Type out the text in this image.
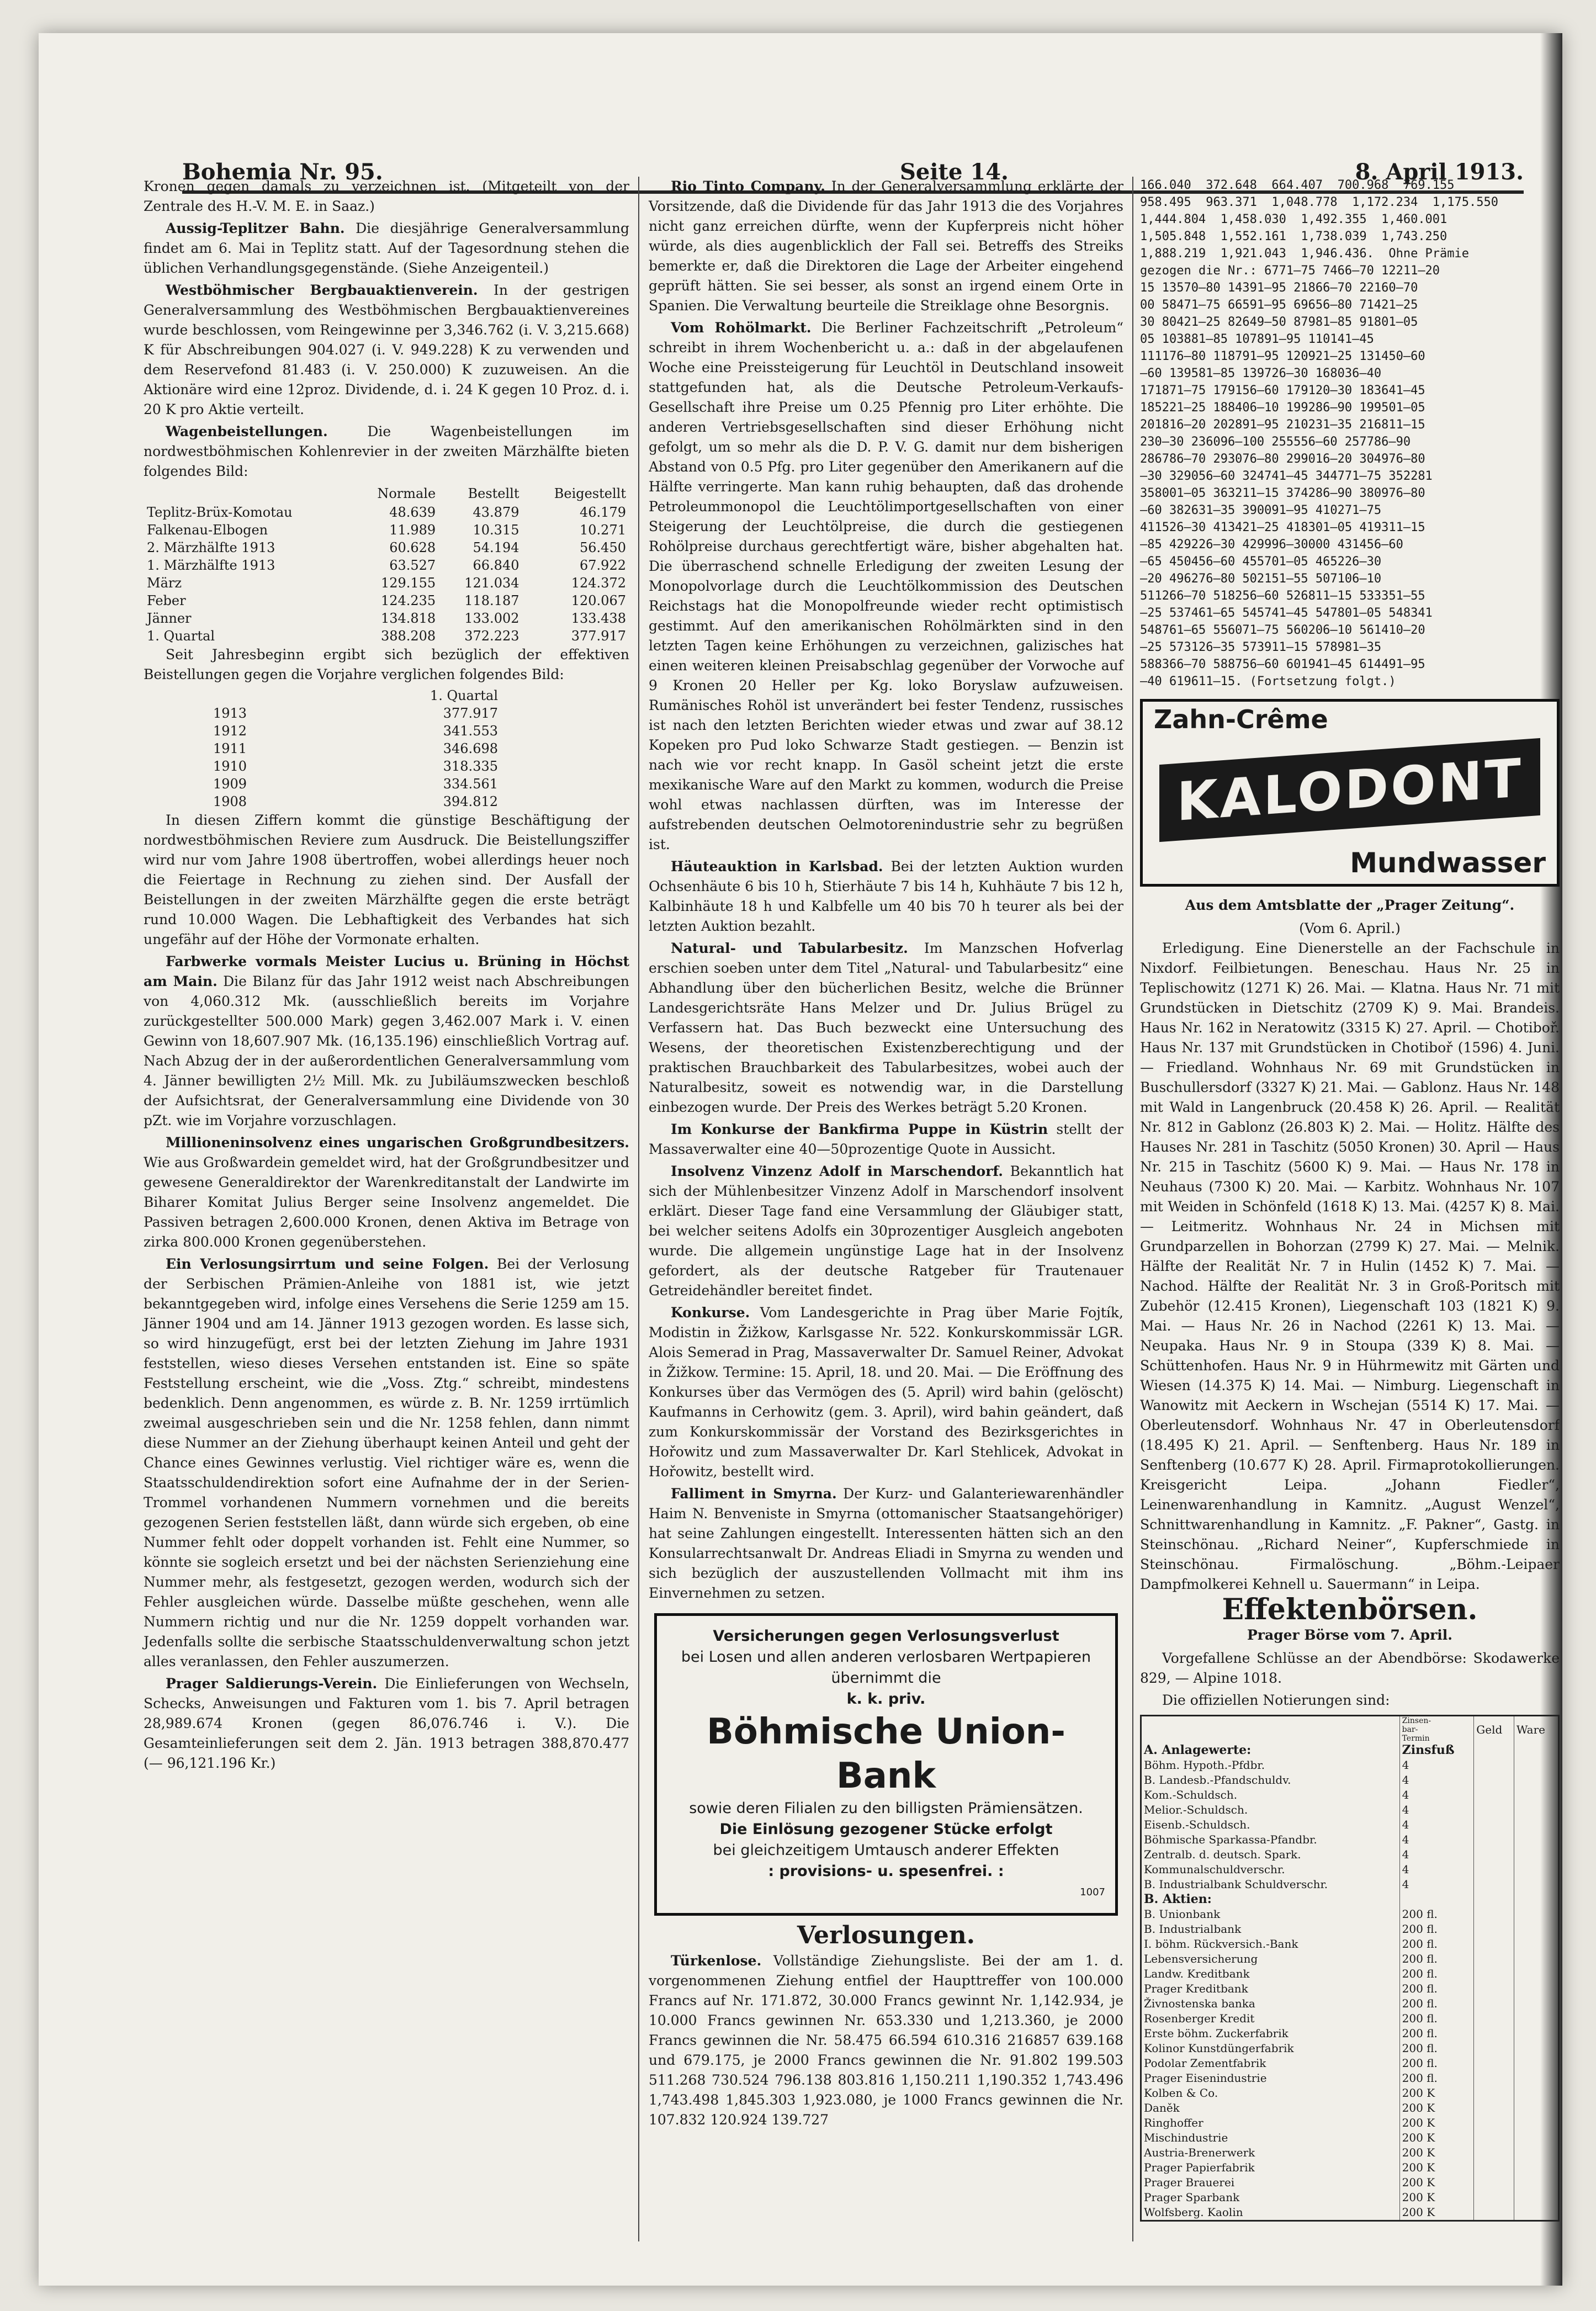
Bohemia Nr. 95.	Seite 14.	8. April 1913.

Kronen gegen damals zu verzeichnen ist. (Mitgeteilt von der Zentrale des H.-V. M. E. in Saaz.)

Aussig-Teplitzer Bahn. Die diesjährige Generalversammlung findet am 6. Mai in Teplitz statt. Auf der Tagesordnung stehen die üblichen Verhandlungsgegenstände. (Siehe Anzeigenteil.)

Westböhmischer Bergbauaktienverein. In der gestrigen Generalversammlung des Westböhmischen Bergbauaktienvereines wurde beschlossen, vom Reingewinne per 3,346.762 (i. V. 3,215.668) K für Abschreibungen 904.027 (i. V. 949.228) K zu verwenden und dem Reservefond 81.483 (i. V. 250.000) K zuzuweisen. An die Aktionäre wird eine 12proz. Dividende, d. i. 24 K gegen 10 Proz. d. i. 20 K pro Aktie verteilt.

Wagenbeistellungen.	Die Wagenbeistellungen im nordwestböhmischen Kohlenrevier in der zweiten Märzhälfte bieten folgendes Bild:

	Normale	Bestellt	Beigestellt
Teplitz-Brüx-Komotau	48.639	43.879	46.179
Falkenau-Elbogen	11.989	10.315	10.271
2. Märzhälfte 1913	60.628	54.194	56.450
1. Märzhälfte 1913	63.527	66.840	67.922
März	129.155	121.034	124.372
Feber	124.235	118.187	120.067
Jänner	134.818	133.002	133.438
1. Quartal	388.208	372.223	377.917

Seit Jahresbeginn ergibt sich bezüglich der effektiven Beistellungen gegen die Vorjahre verglichen folgendes Bild:

	1. Quartal
1913	377.917
1912	341.553
1911	346.698
1910	318.335
1909	334.561
1908	394.812

In diesen Ziffern kommt die günstige Beschäftigung der nordwestböhmischen Reviere zum Ausdruck. Die Beistellungsziffer wird nur vom Jahre 1908 übertroffen, wobei allerdings heuer noch die Feiertage in Rechnung zu ziehen sind. Der Ausfall der Beistellungen in der zweiten Märzhälfte gegen die erste beträgt rund 10.000 Wagen. Die Lebhaftigkeit des Verbandes hat sich ungefähr auf der Höhe der Vormonate erhalten.

Farbwerke vormals Meister Lucius u. Brüning in Höchst am Main. Die Bilanz für das Jahr 1912 weist nach Abschreibungen von 4,060.312 Mk. (ausschließlich bereits im Vorjahre zurückgestellter 500.000 Mark) gegen 3,462.007 Mark i. V. einen Gewinn von 18,607.907 Mk. (16,135.196) einschließlich Vortrag auf. Nach Abzug der in der außerordentlichen Generalversammlung vom 4. Jänner bewilligten 2½ Mill. Mk. zu Jubiläumszwecken beschloß der Aufsichtsrat, der Generalversammlung eine Dividende von 30 pZt. wie im Vorjahre vorzuschlagen.

Millioneninsolvenz eines ungarischen Großgrundbesitzers. Wie aus Großwardein gemeldet wird, hat der Großgrundbesitzer und gewesene Generaldirektor der Warenkreditanstalt der Landwirte im Biharer Komitat Julius Berger seine Insolvenz angemeldet. Die Passiven betragen 2,600.000 Kronen, denen Aktiva im Betrage von zirka 800.000 Kronen gegenüberstehen.

Ein Verlosungsirrtum und seine Folgen. Bei der Verlosung der Serbischen Prämien-Anleihe von 1881 ist, wie jetzt bekanntgegeben wird, infolge eines Versehens die Serie 1259 am 15. Jänner 1904 und am 14. Jänner 1913 gezogen worden. Es lasse sich, so wird hinzugefügt, erst bei der letzten Ziehung im Jahre 1931 feststellen, wieso dieses Versehen entstanden ist. Eine so späte Feststellung erscheint, wie die „Voss. Ztg.“ schreibt, mindestens bedenklich. Denn angenommen, es würde z. B. Nr. 1259 irrtümlich zweimal ausgeschrieben sein und die Nr. 1258 fehlen, dann nimmt diese Nummer an der Ziehung überhaupt keinen Anteil und geht der Chance eines Gewinnes verlustig. Viel richtiger wäre es, wenn die Staatsschuldendirektion sofort eine Aufnahme der in der Serien-Trommel vorhandenen Nummern vornehmen und die bereits gezogenen Serien feststellen läßt, dann würde sich ergeben, ob eine Nummer fehlt oder doppelt vorhanden ist. Fehlt eine Nummer, so könnte sie sogleich ersetzt und bei der nächsten Serienziehung eine Nummer mehr, als festgesetzt, gezogen werden, wodurch sich der Fehler ausgleichen würde. Dasselbe müßte geschehen, wenn alle Nummern richtig und nur die Nr. 1259 doppelt vorhanden war. Jedenfalls sollte die serbische Staatsschuldenverwaltung schon jetzt alles veranlassen, den Fehler auszumerzen.

Prager Saldierungs-Verein. Die Einlieferungen von Wechseln, Schecks, Anweisungen und Fakturen vom 1. bis 7. April betragen 28,989.674 Kronen (gegen 86,076.746 i. V.). Die Gesamteinlieferungen seit dem 2. Jän. 1913 betragen 388,870.477 (— 96,121.196 Kr.)

Rio Tinto Company. In der Generalversammlung erklärte der Vorsitzende, daß die Dividende für das Jahr 1913 die des Vorjahres nicht ganz erreichen dürfte, wenn der Kupferpreis nicht höher würde, als dies augenblicklich der Fall sei. Betreffs des Streiks bemerkte er, daß die Direktoren die Lage der Arbeiter eingehend geprüft hätten. Sie sei besser, als sonst an irgend einem Orte in Spanien. Die Verwaltung beurteile die Streiklage ohne Besorgnis.

Vom Rohölmarkt. Die Berliner Fachzeitschrift „Petroleum“ schreibt in ihrem Wochenbericht u. a.: daß in der abgelaufenen Woche eine Preissteigerung für Leuchtöl in Deutschland insoweit stattgefunden hat, als die Deutsche Petroleum-Verkaufs-Gesellschaft ihre Preise um 0.25 Pfennig pro Liter erhöhte. Die anderen Vertriebsgesellschaften sind dieser Erhöhung nicht gefolgt, um so mehr als die D. P. V. G. damit nur dem bisherigen Abstand von 0.5 Pfg. pro Liter gegenüber den Amerikanern auf die Hälfte verringerte. Man kann ruhig behaupten, daß das drohende Petroleummonopol die Leuchtölimportgesellschaften von einer Steigerung der Leuchtölpreise, die durch die gestiegenen Rohölpreise durchaus gerechtfertigt wäre, bisher abgehalten hat. Die überraschend schnelle Erledigung der zweiten Lesung der Monopolvorlage durch die Leuchtölkommission des Deutschen Reichstags hat die Monopolfreunde wieder recht optimistisch gestimmt. Auf den amerikanischen Rohölmärkten sind in den letzten Tagen keine Erhöhungen zu verzeichnen, galizisches hat einen weiteren kleinen Preisabschlag gegenüber der Vorwoche auf 9 Kronen 20 Heller per Kg. loko Boryslaw aufzuweisen. Rumänisches Rohöl ist unverändert bei fester Tendenz, russisches ist nach den letzten Berichten wieder etwas und zwar auf 38.12 Kopeken pro Pud loko Schwarze Stadt gestiegen. — Benzin ist nach wie vor recht knapp. In Gasöl scheint jetzt die erste mexikanische Ware auf den Markt zu kommen, wodurch die Preise wohl etwas nachlassen dürften, was im Interesse der aufstrebenden deutschen Oelmotorenindustrie sehr zu begrüßen ist.

Häuteauktion in Karlsbad. Bei der letzten Auktion wurden Ochsenhäute 6 bis 10 h, Stierhäute 7 bis 14 h, Kuhhäute 7 bis 12 h, Kalbinhäute 18 h und Kalbfelle um 40 bis 70 h teurer als bei der letzten Auktion bezahlt.

Natural- und Tabularbesitz. Im Manzschen Hofverlag erschien soeben unter dem Titel „Natural- und Tabularbesitz“ eine Abhandlung über den bücherlichen Besitz, welche die Brünner Landesgerichtsräte Hans Melzer und Dr. Julius Brügel zu Verfassern hat. Das Buch bezweckt eine Untersuchung des Wesens, der theoretischen Existenzberechtigung und der praktischen Brauchbarkeit des Tabularbesitzes, wobei auch der Naturalbesitz, soweit es notwendig war, in die Darstellung einbezogen wurde. Der Preis des Werkes beträgt 5.20 Kronen.

Im Konkurse der Bankfirma Puppe in Küstrin stellt der Massaverwalter eine 40—50prozentige Quote in Aussicht.

Insolvenz Vinzenz Adolf in Marschendorf. Bekanntlich hat sich der Mühlenbesitzer Vinzenz Adolf in Marschendorf insolvent erklärt. Dieser Tage fand eine Versammlung der Gläubiger statt, bei welcher seitens Adolfs ein 30prozentiger Ausgleich angeboten wurde. Die allgemein ungünstige Lage hat in der Insolvenz gefordert, als der deutsche Ratgeber für Trautenauer Getreidehändler bereitet findet.

Konkurse. Vom Landesgerichte in Prag über Marie Fojtík, Modistin in Žižkow, Karlsgasse Nr. 522. Konkurskommissär LGR. Alois Semerad in Prag, Massaverwalter Dr. Samuel Reiner, Advokat in Žižkow. Termine: 15. April, 18. und 20. Mai. — Die Eröffnung des Konkurses über das Vermögen des (5. April) wird bahin (gelöscht) Kaufmanns in Cerhowitz (gem. 3. April), wird bahin geändert, daß zum Konkurskommissär der Vorstand des Bezirksgerichtes in Hořowitz und zum Massaverwalter Dr. Karl Stehlicek, Advokat in Hořowitz, bestellt wird.

Falliment in Smyrna. Der Kurz- und Galanteriewarenhändler Haim N. Benveniste in Smyrna (ottomanischer Staatsangehöriger) hat seine Zahlungen eingestellt. Interessenten hätten sich an den Konsularrechtsanwalt Dr. Andreas Eliadi in Smyrna zu wenden und sich bezüglich der auszustellenden Vollmacht mit ihm ins Einvernehmen zu setzen.

Versicherungen gegen Verlosungsverlust
bei Losen und allen anderen verlosbaren Wertpapieren übernimmt die
k. k. priv.
Böhmische Union-Bank
sowie deren Filialen zu den billigsten Prämiensätzen.
Die Einlösung gezogener Stücke erfolgt
bei gleichzeitigem Umtausch anderer Effekten
: provisions- u. spesenfrei. :
1007
Verlosungen.

Türkenlose. Vollständige Ziehungsliste. Bei der am 1. d. vorgenommenen Ziehung entfiel der Haupttreffer von 100.000 Francs auf Nr. 171.872, 30.000 Francs gewinnt Nr. 1,142.934, je 10.000 Francs gewinnen Nr. 653.330 und 1,213.360, je 2000 Francs gewinnen die Nr. 58.475 66.594 610.316 216857 639.168 und 679.175, je 2000 Francs gewinnen die Nr. 91.802 199.503 511.268 730.524 796.138 803.816 1,150.211 1,190.352 1,743.496 1,743.498 1,845.303 1,923.080, je 1000 Francs gewinnen die Nr. 107.832 120.924 139.727

166.040  372.648  664.407  700.968  769.155
958.495  963.371  1,048.778  1,172.234  1,175.550
1,444.804  1,458.030  1,492.355  1,460.001
1,505.848  1,552.161  1,738.039  1,743.250
1,888.219  1,921.043  1,946.436.  Ohne Prämie
gezogen die Nr.: 6771—75 7466—70 12211—20
15 13570—80 14391—95 21866—70 22160—70
00 58471—75 66591—95 69656—80 71421—25
30 80421—25 82649—50 87981—85 91801—05
05 103881—85 107891—95 110141—45
111176—80 118791—95 120921—25 131450—60
—60 139581—85 139726—30 168036—40
171871—75 179156—60 179120—30 183641—45
185221—25 188406—10 199286—90 199501—05
201816—20 202891—95 210231—35 216811—15
230—30 236096—100 255556—60 257786—90
286786—70 293076—80 299016—20 304976—80
—30 329056—60 324741—45 344771—75 352281
358001—05 363211—15 374286—90 380976—80
—60 382631—35 390091—95 410271—75
411526—30 413421—25 418301—05 419311—15
—85 429226—30 429996—30000 431456—60
—65 450456—60 455701—05 465226—30
—20 496276—80 502151—55 507106—10
511266—70 518256—60 526811—15 533351—55
—25 537461—65 545741—45 547801—05 548341
548761—65 556071—75 560206—10 561410—20
—25 573126—35 573911—15 578981—35
588366—70 588756—60 601941—45 614491—95
—40 619611—15. (Fortsetzung folgt.)
Zahn-Crême
KALODONT
Mundwasser
Aus dem Amtsblatte der „Prager Zeitung“.
(Vom 6. April.)

Erledigung. Eine Dienerstelle an der Fachschule in Nixdorf. Feilbietungen. Beneschau. Haus Nr. 25 in Teplischowitz (1271 K) 26. Mai. — Klatna. Haus Nr. 71 mit Grundstücken in Dietschitz (2709 K) 9. Mai. Brandeis. Haus Nr. 162 in Neratowitz (3315 K) 27. April. — Chotiboř. Haus Nr. 137 mit Grundstücken in Chotiboř (1596) 4. Juni. — Friedland. Wohnhaus Nr. 69 mit Grundstücken in Buschullersdorf (3327 K) 21. Mai. — Gablonz. Haus Nr. 148 mit Wald in Langenbruck (20.458 K) 26. April. — Realität Nr. 812 in Gablonz (26.803 K) 2. Mai. — Holitz. Hälfte des Hauses Nr. 281 in Taschitz (5050 Kronen) 30. April — Haus Nr. 215 in Taschitz (5600 K) 9. Mai. — Haus Nr. 178 in Neuhaus (7300 K) 20. Mai. — Karbitz. Wohnhaus Nr. 107 mit Weiden in Schönfeld (1618 K) 13. Mai. (4257 K) 8. Mai. — Leitmeritz. Wohnhaus Nr. 24 in Michsen mit Grundparzellen in Bohorzan (2799 K) 27. Mai. — Melnik. Hälfte der Realität Nr. 7 in Hulin (1452 K) 7. Mai. — Nachod. Hälfte der Realität Nr. 3 in Groß-Poritsch mit Zubehör (12.415 Kronen), Liegenschaft 103 (1821 K) 9. Mai. — Haus Nr. 26 in Nachod (2261 K) 13. Mai. — Neupaka. Haus Nr. 9 in Stoupa (339 K) 8. Mai. — Schüttenhofen. Haus Nr. 9 in Hührmewitz mit Gärten und Wiesen (14.375 K) 14. Mai. — Nimburg. Liegenschaft in Wanowitz mit Aeckern in Wschejan (5514 K) 17. Mai. — Oberleutensdorf. Wohnhaus Nr. 47 in Oberleutensdorf (18.495 K) 21. April. — Senftenberg. Haus Nr. 189 in Senftenberg (10.677 K) 28. April. Firmaprotokollierungen. Kreisgericht Leipa. „Johann Fiedler“, Leinenwarenhandlung in Kamnitz. „August Wenzel“, Schnittwarenhandlung in Kamnitz. „F. Pakner“, Gastg. in Steinschönau. „Richard Neiner“, Kupferschmiede in Steinschönau. Firmalöschung. „Böhm.-Leipaer Dampfmolkerei Kehnell u. Sauermann“ in Leipa.

Effektenbörsen.
Prager Börse vom 7. April.

Vorgefallene Schlüsse an der Abendbörse: Skodawerke 829, — Alpine 1018.

Die offiziellen Notierungen sind:

	Zinsen-
bar-
Termin	Geld	Ware
A. Anlagewerte:	Zinsfuß		
Böhm. Hypoth.-Pfdbr.	4		
B. Landesb.-Pfandschuldv.	4		
Kom.-Schuldsch.	4		
Melior.-Schuldsch.	4		
Eisenb.-Schuldsch.	4		
Böhmische Sparkassa-Pfandbr.	4		
Zentralb. d. deutsch. Spark.	4		
Kommunalschuldverschr.	4		
B. Industrialbank Schuldverschr.	4		
B. Aktien:			
B. Unionbank	200 fl.		
B. Industrialbank	200 fl.		
I. böhm. Rückversich.-Bank	200 fl.		
Lebensversicherung	200 fl.		
Landw. Kreditbank	200 fl.		
Prager Kreditbank	200 fl.		
Živnostenska banka	200 fl.		
Rosenberger Kredit	200 fl.		
Erste böhm. Zuckerfabrik	200 fl.		
Kolinor Kunstdüngerfabrik	200 fl.		
Podolar Zementfabrik	200 fl.		
Prager Eisenindustrie	200 fl.		
Kolben & Co.	200 K		
Daněk	200 K		
Ringhoffer	200 K		
Mischindustrie	200 K		
Austria-Brenerwerk	200 K		
Prager Papierfabrik	200 K		
Prager Brauerei	200 K		
Prager Sparbank	200 K		
Wolfsberg. Kaolin	200 K		
